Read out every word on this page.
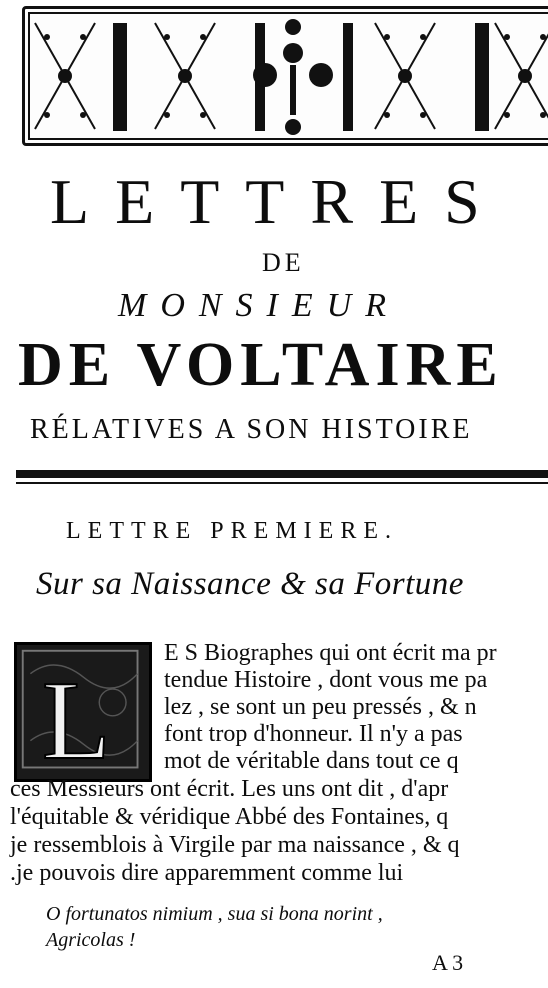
LETTRES
DE
MONSIEUR
DE VOLTAIRE
RÉLATIVES A SON HISTOIRE
LETTRE PREMIERE.
Sur sa Naissance & sa Fortune
L
E S Biographes qui ont écrit ma pr
tendue Histoire , dont vous me pa
lez , se sont un peu pressés , & n
font trop d'honneur. Il n'y a pas
mot de véritable dans tout ce q
ces Messieurs ont écrit. Les uns ont dit , d'apr
l'équitable & véridique Abbé des Fontaines, q
je ressemblois à Virgile par ma naissance , & q
.je pouvois dire apparemment comme lui
O fortunatos nimium , sua si bona norint ,
Agricolas !
A 3
